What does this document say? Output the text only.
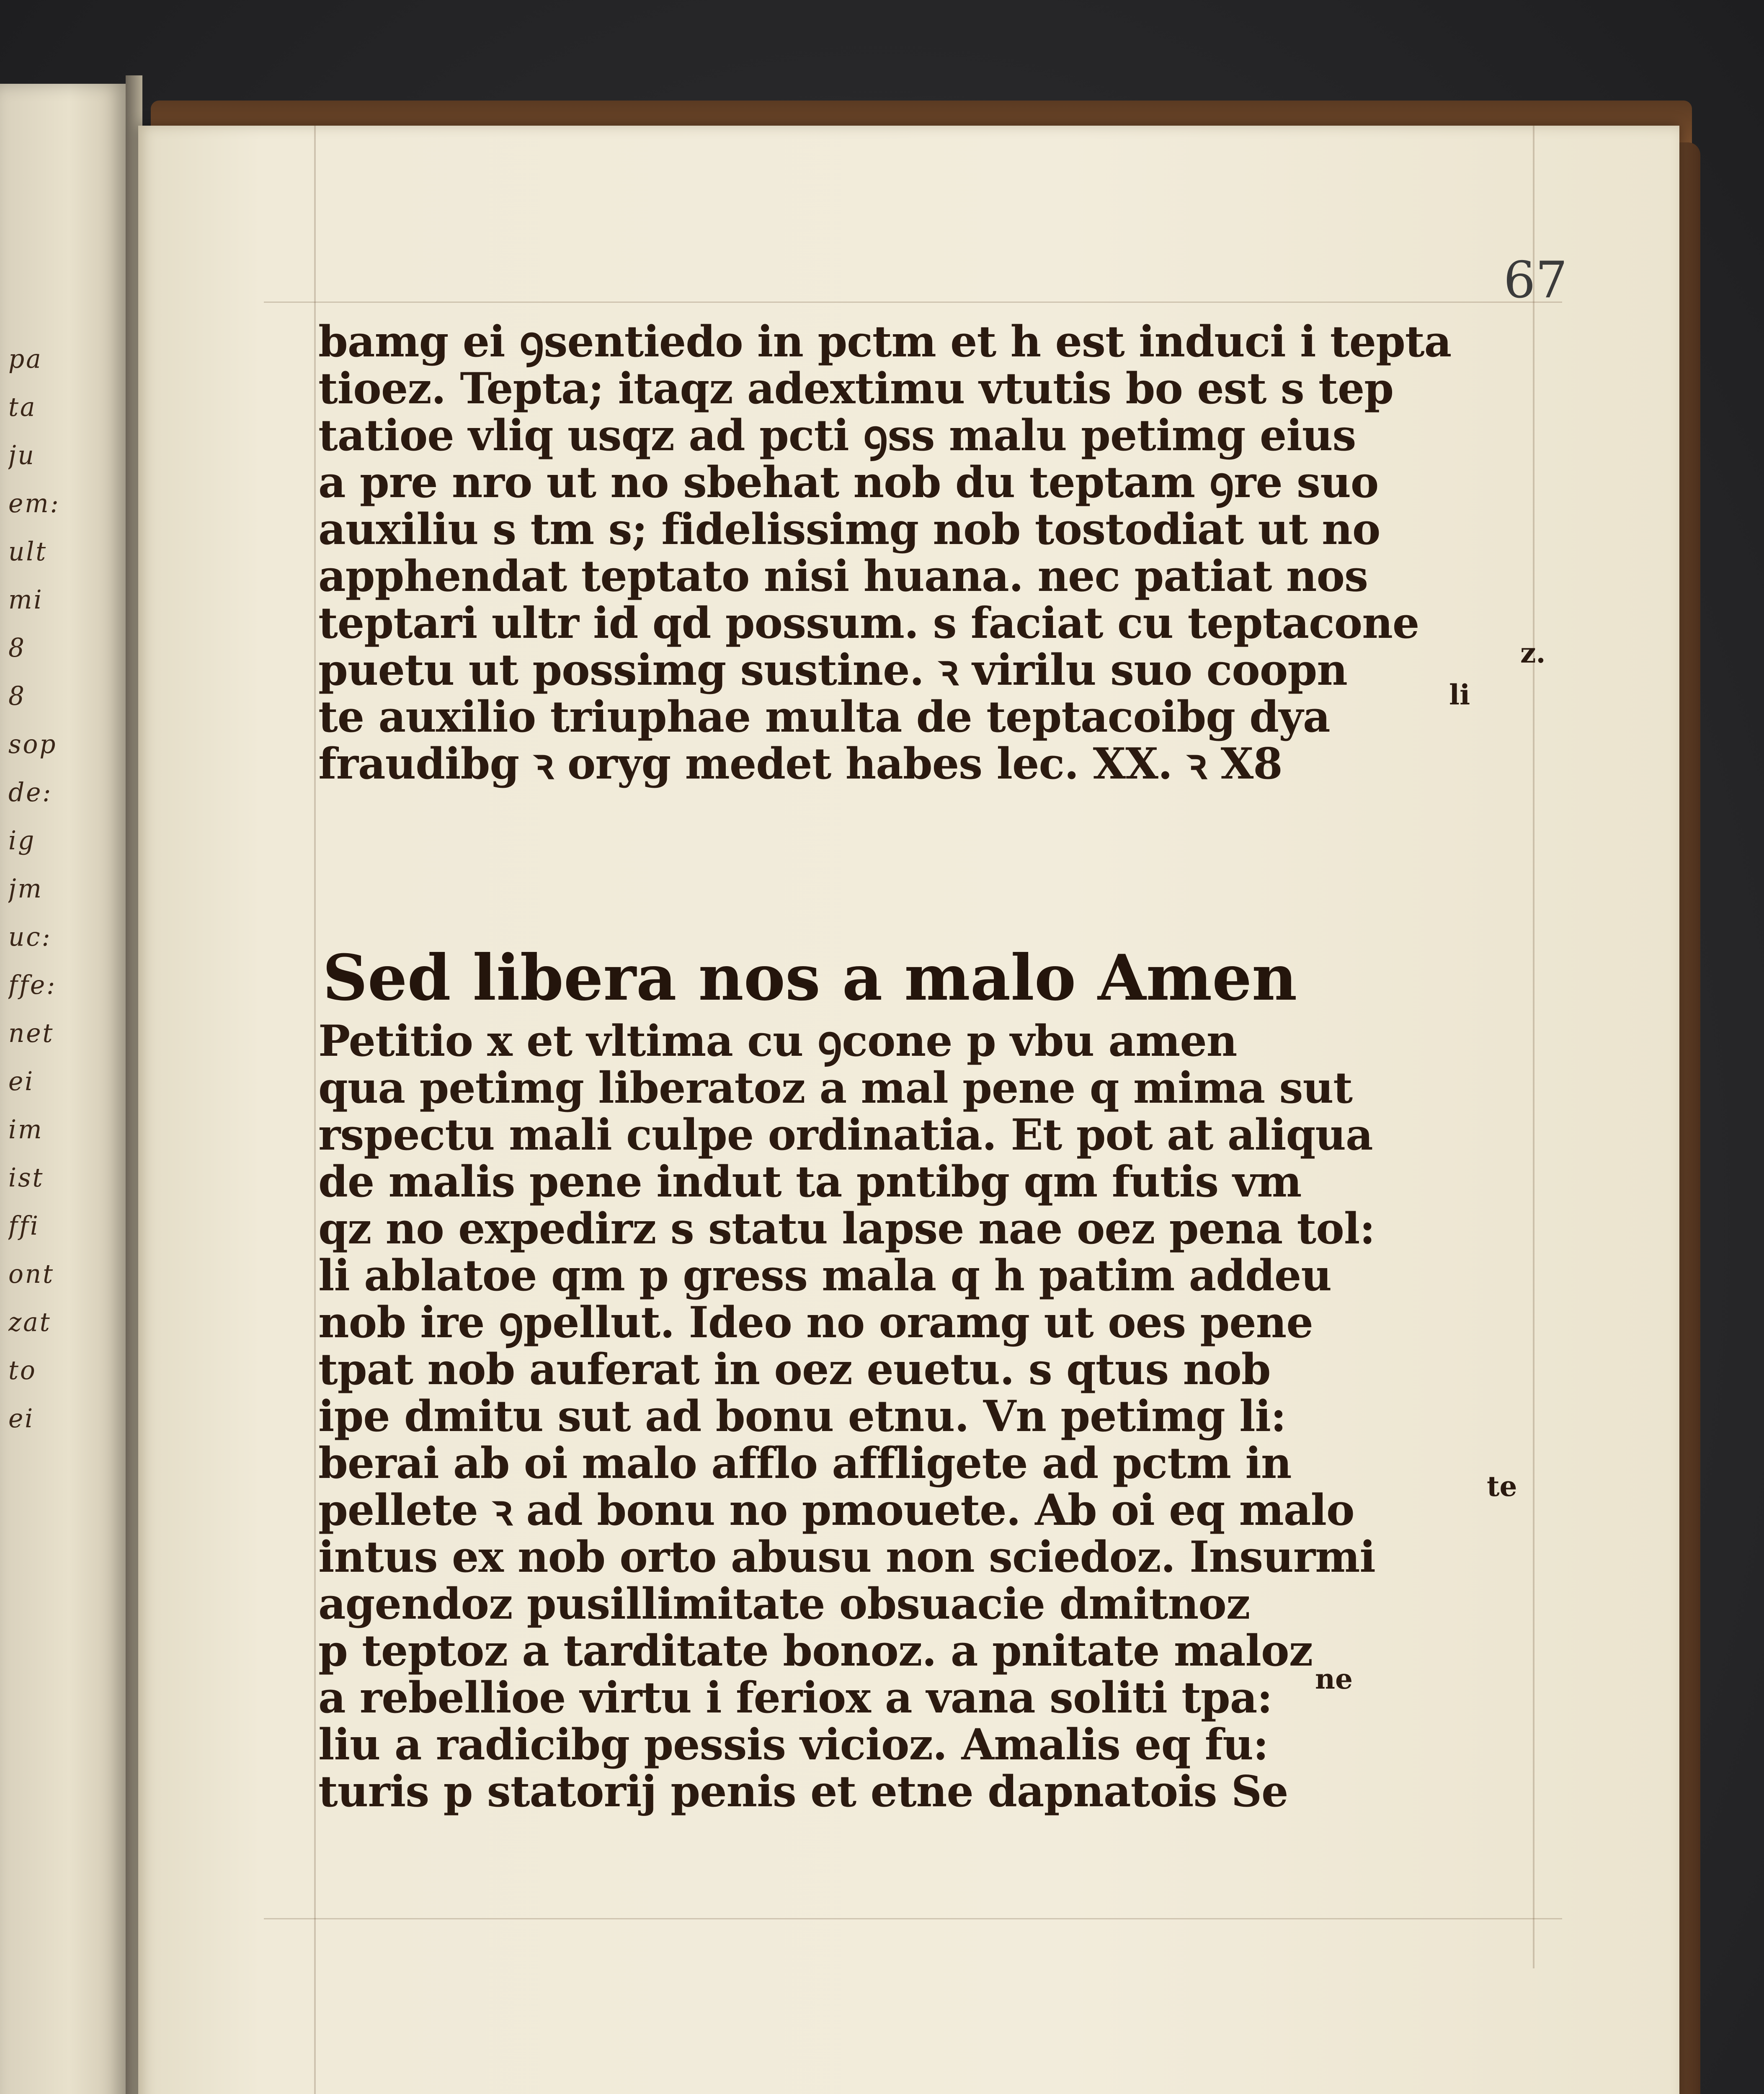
pa
ta
ju
em:
ult
mi
8
8
sop
de:
ig
jm
uc:
ffe:
net
ei
im
ist
ffi
ont
zat
to
ei
67
bamg ei ꝯsentiedo in pctm et h est induci i tepta
tioez. Tepta; itaqz adextimu vtutis bo est s tep
tatioe vliq usqz ad pcti ꝯss malu petimg eius
a pre nro ut no sbehat nob du teptam ꝯre suo
auxiliu s tm s; fidelissimg nob tostodiat ut no
apphendat teptato nisi huana. nec patiat nos
teptari ultr id qd possum. s faciat cu teptacone
puetu ut possimg sustine. ꝛ virilu suo coopn
te auxilio triuphae multa de teptacoibg dya
fraudibg ꝛ oryg medet habes lec. XX. ꝛ X8
z.
li
Sed libera nos a malo Amen
Petitio x et vltima cu ꝯcone p vbu amen
qua petimg liberatoz a mal pene q mima sut
rspectu mali culpe ordinatia. Et pot at aliqua
de malis pene indut ta pntibg qm futis vm
qz no expedirz s statu lapse nae oez pena tol:
li ablatoe qm p gress mala q h patim addeu
nob ire ꝯpellut. Ideo no oramg ut oes pene
tpat nob auferat in oez euetu. s qtus nob
ipe dmitu sut ad bonu etnu. Vn petimg li:
berai ab oi malo afflo affligete ad pctm in
pellete ꝛ ad bonu no pmouete. Ab oi eq malo
intus ex nob orto abusu non sciedoz. Insurmi
agendoz pusillimitate obsuacie dmitnoz
p teptoz a tarditate bonoz. a pnitate maloz
a rebellioe virtu i feriox a vana soliti tpa:
liu a radicibg pessis vicioz. Amalis eq fu:
turis p statorij penis et etne dapnatois Se
te
ne
